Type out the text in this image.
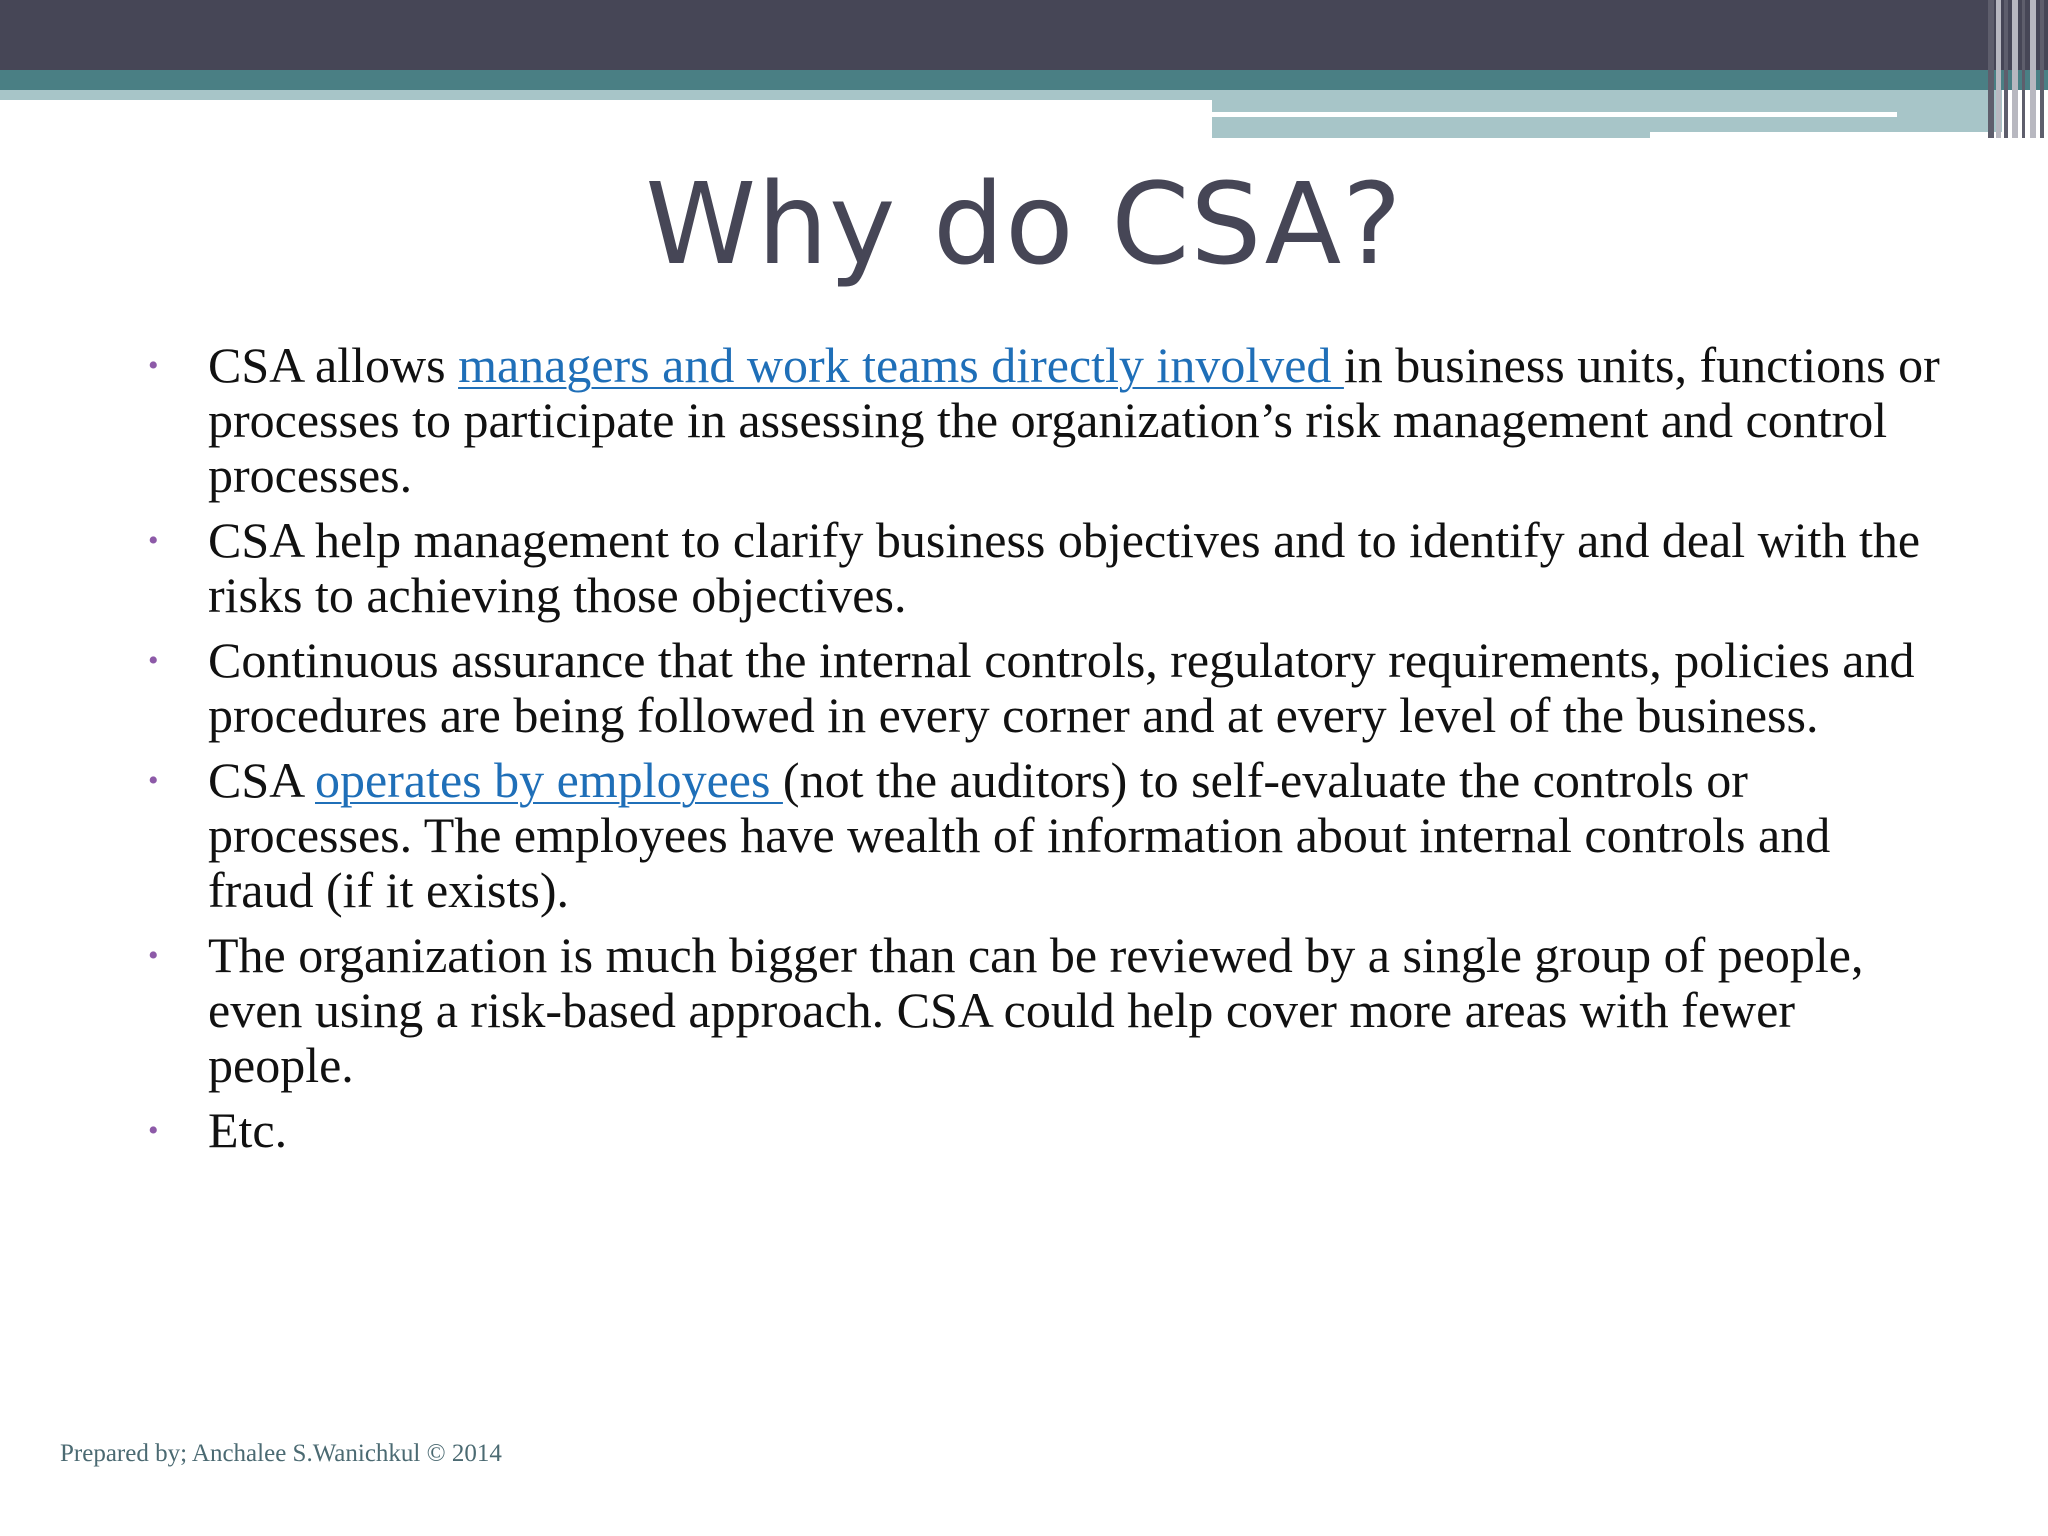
Why do CSA?
• CSA allows managers and work teams directly involved in business units, functions or processes to participate in assessing the organization’s risk management and control processes.
• CSA help management to clarify business objectives and to identify and deal with the risks to achieving those objectives.
• Continuous assurance that the internal controls, regulatory requirements, policies and procedures are being followed in every corner and at every level of the business.
• CSA operates by employees (not the auditors) to self-evaluate the controls or processes. The employees have wealth of information about internal controls and fraud (if it exists).
• The organization is much bigger than can be reviewed by a single group of people, even using a risk-based approach. CSA could help cover more areas with fewer people.
• Etc.
Prepared by; Anchalee S.Wanichkul © 2014
